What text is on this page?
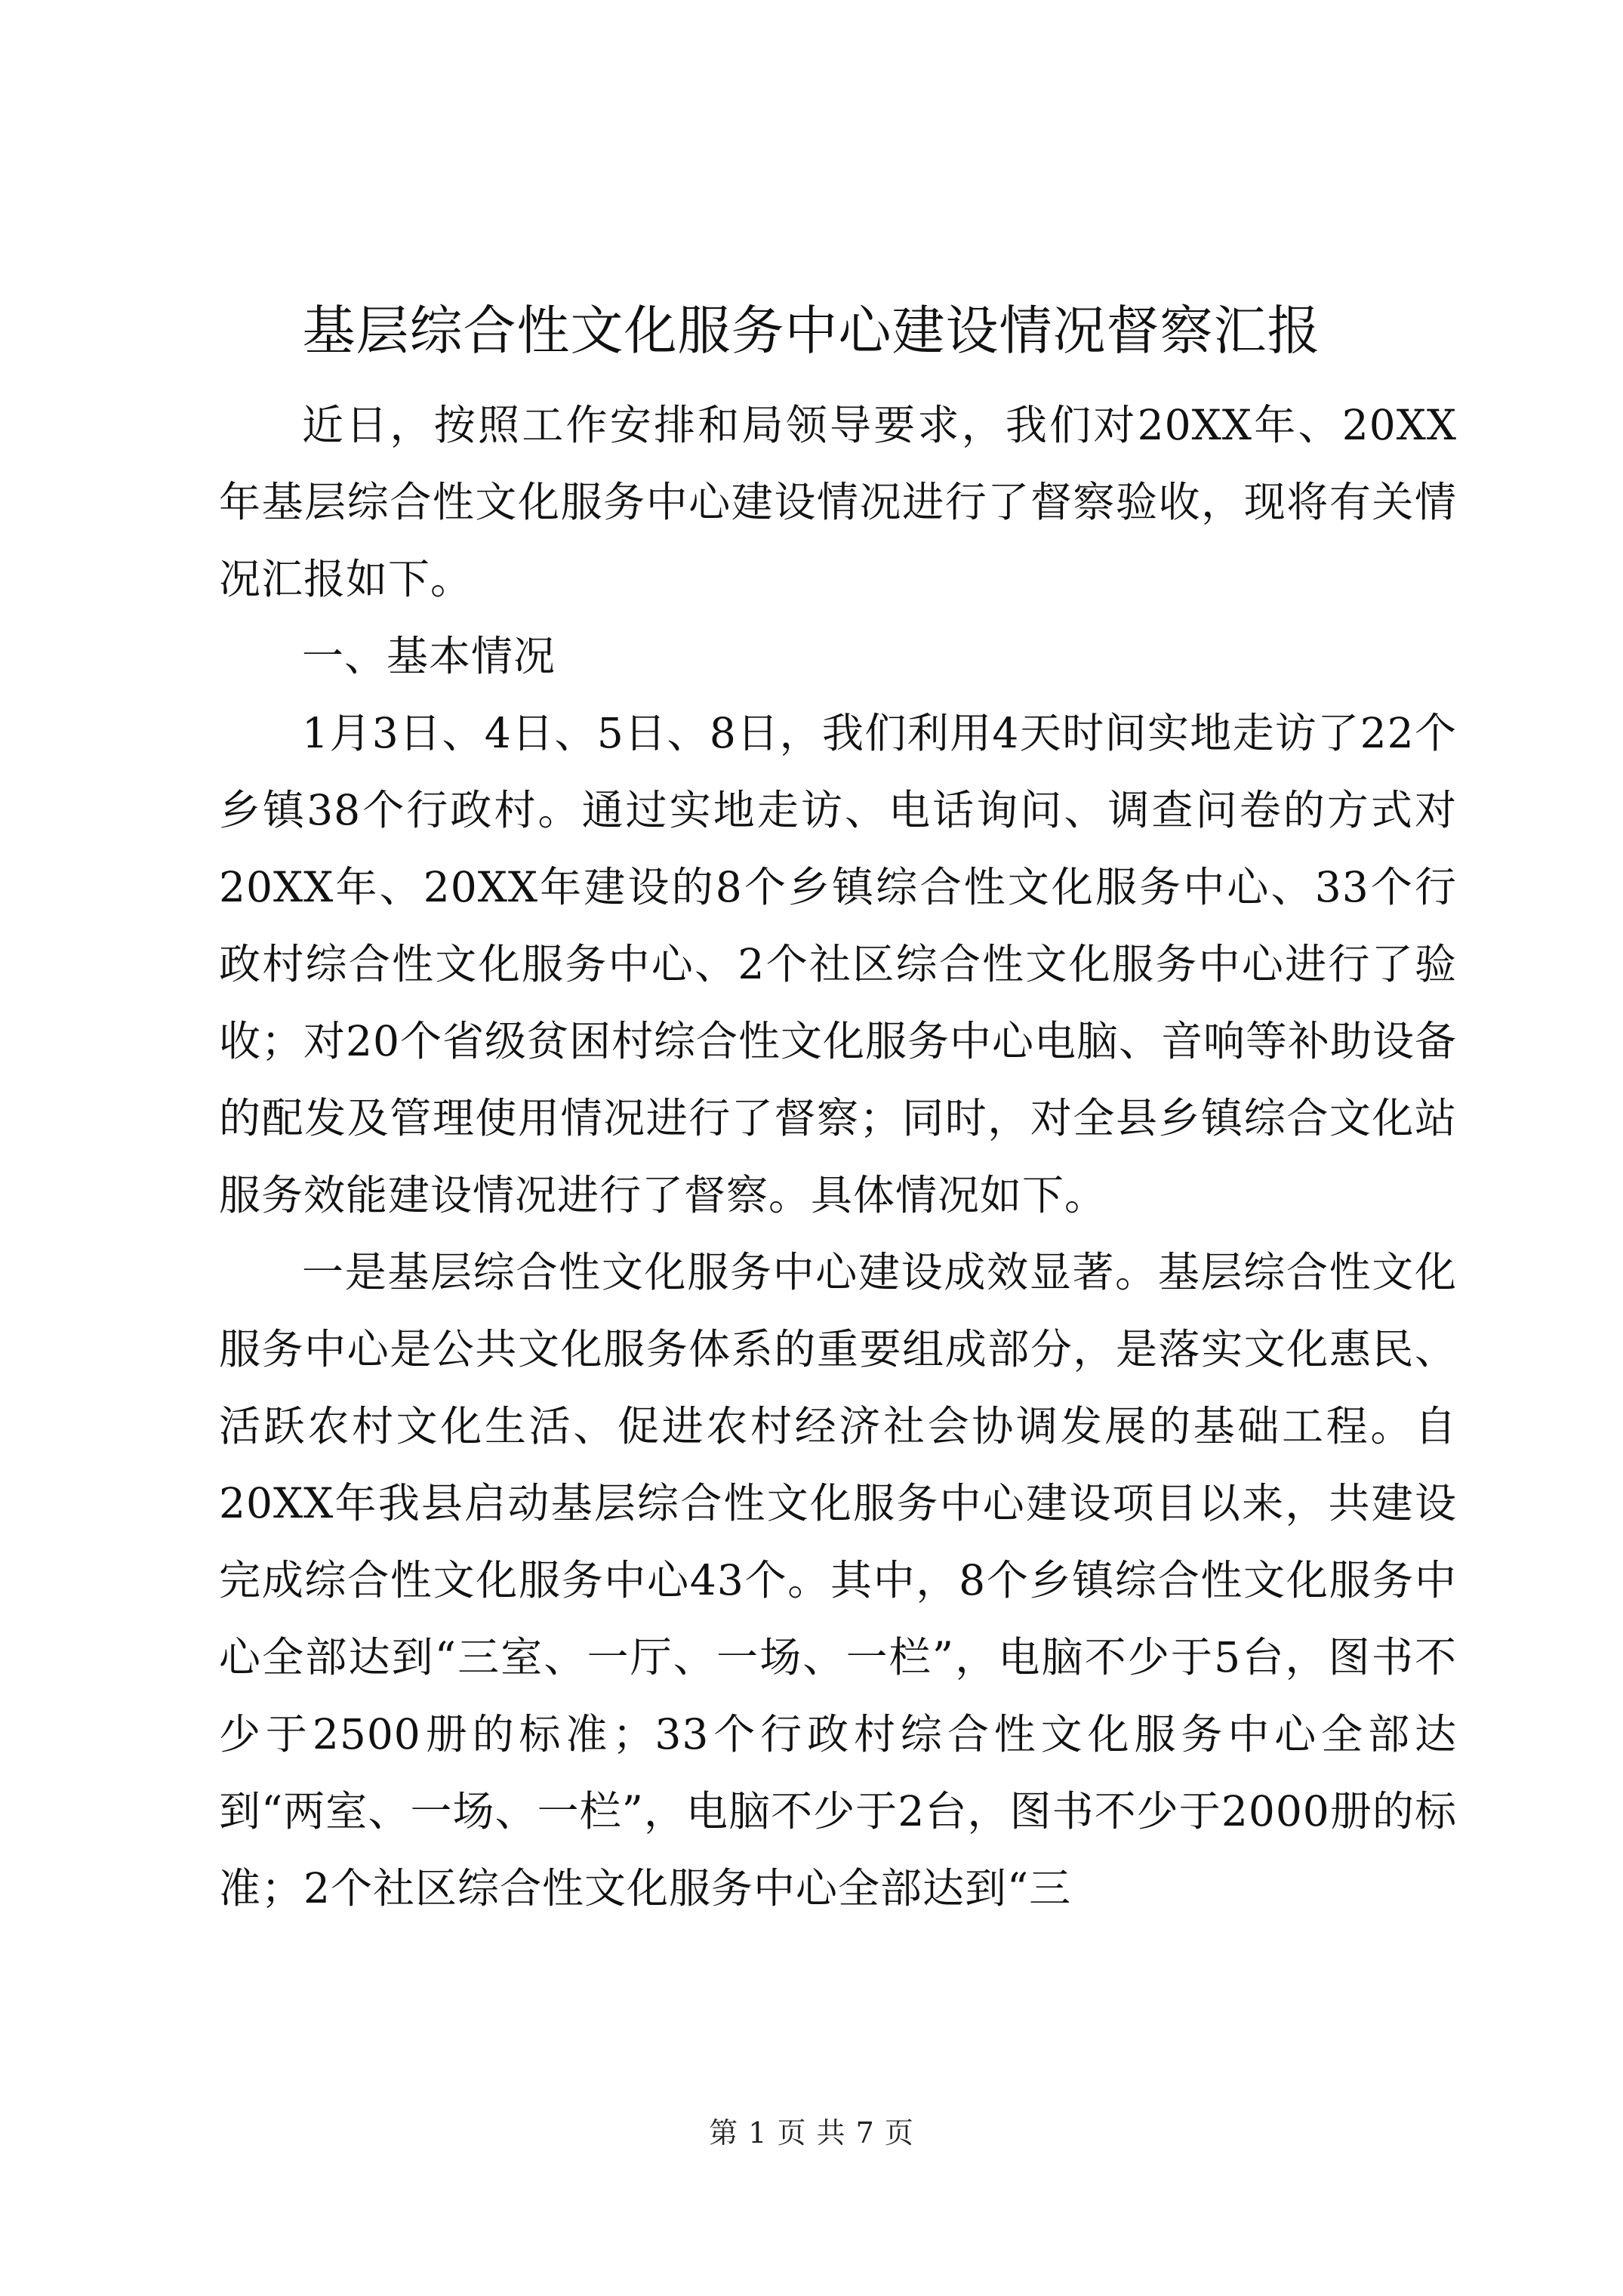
基层综合性文化服务中心建设情况督察汇报

近日，按照工作安排和局领导要求，我们对20XX年、20XX年基层综合性文化服务中心建设情况进行了督察验收，现将有关情况汇报如下。

一、基本情况

1月3日、4日、5日、8日，我们利用4天时间实地走访了22个乡镇38个行政村。通过实地走访、电话询问、调查问卷的方式对20XX年、20XX年建设的8个乡镇综合性文化服务中心、33个行政村综合性文化服务中心、2个社区综合性文化服务中心进行了验收；对20个省级贫困村综合性文化服务中心电脑、音响等补助设备的配发及管理使用情况进行了督察；同时，对全县乡镇综合文化站服务效能建设情况进行了督察。具体情况如下。

一是基层综合性文化服务中心建设成效显著。基层综合性文化服务中心是公共文化服务体系的重要组成部分，是落实文化惠民、活跃农村文化生活、促进农村经济社会协调发展的基础工程。自20XX年我县启动基层综合性文化服务中心建设项目以来，共建设完成综合性文化服务中心43个。其中，8个乡镇综合性文化服务中心全部达到“三室、一厅、一场、一栏”，电脑不少于5台，图书不少于2500册的标准；33个行政村综合性文化服务中心全部达到“两室、一场、一栏”，电脑不少于2台，图书不少于2000册的标准；2个社区综合性文化服务中心全部达到“三

第 1 页 共 7 页
